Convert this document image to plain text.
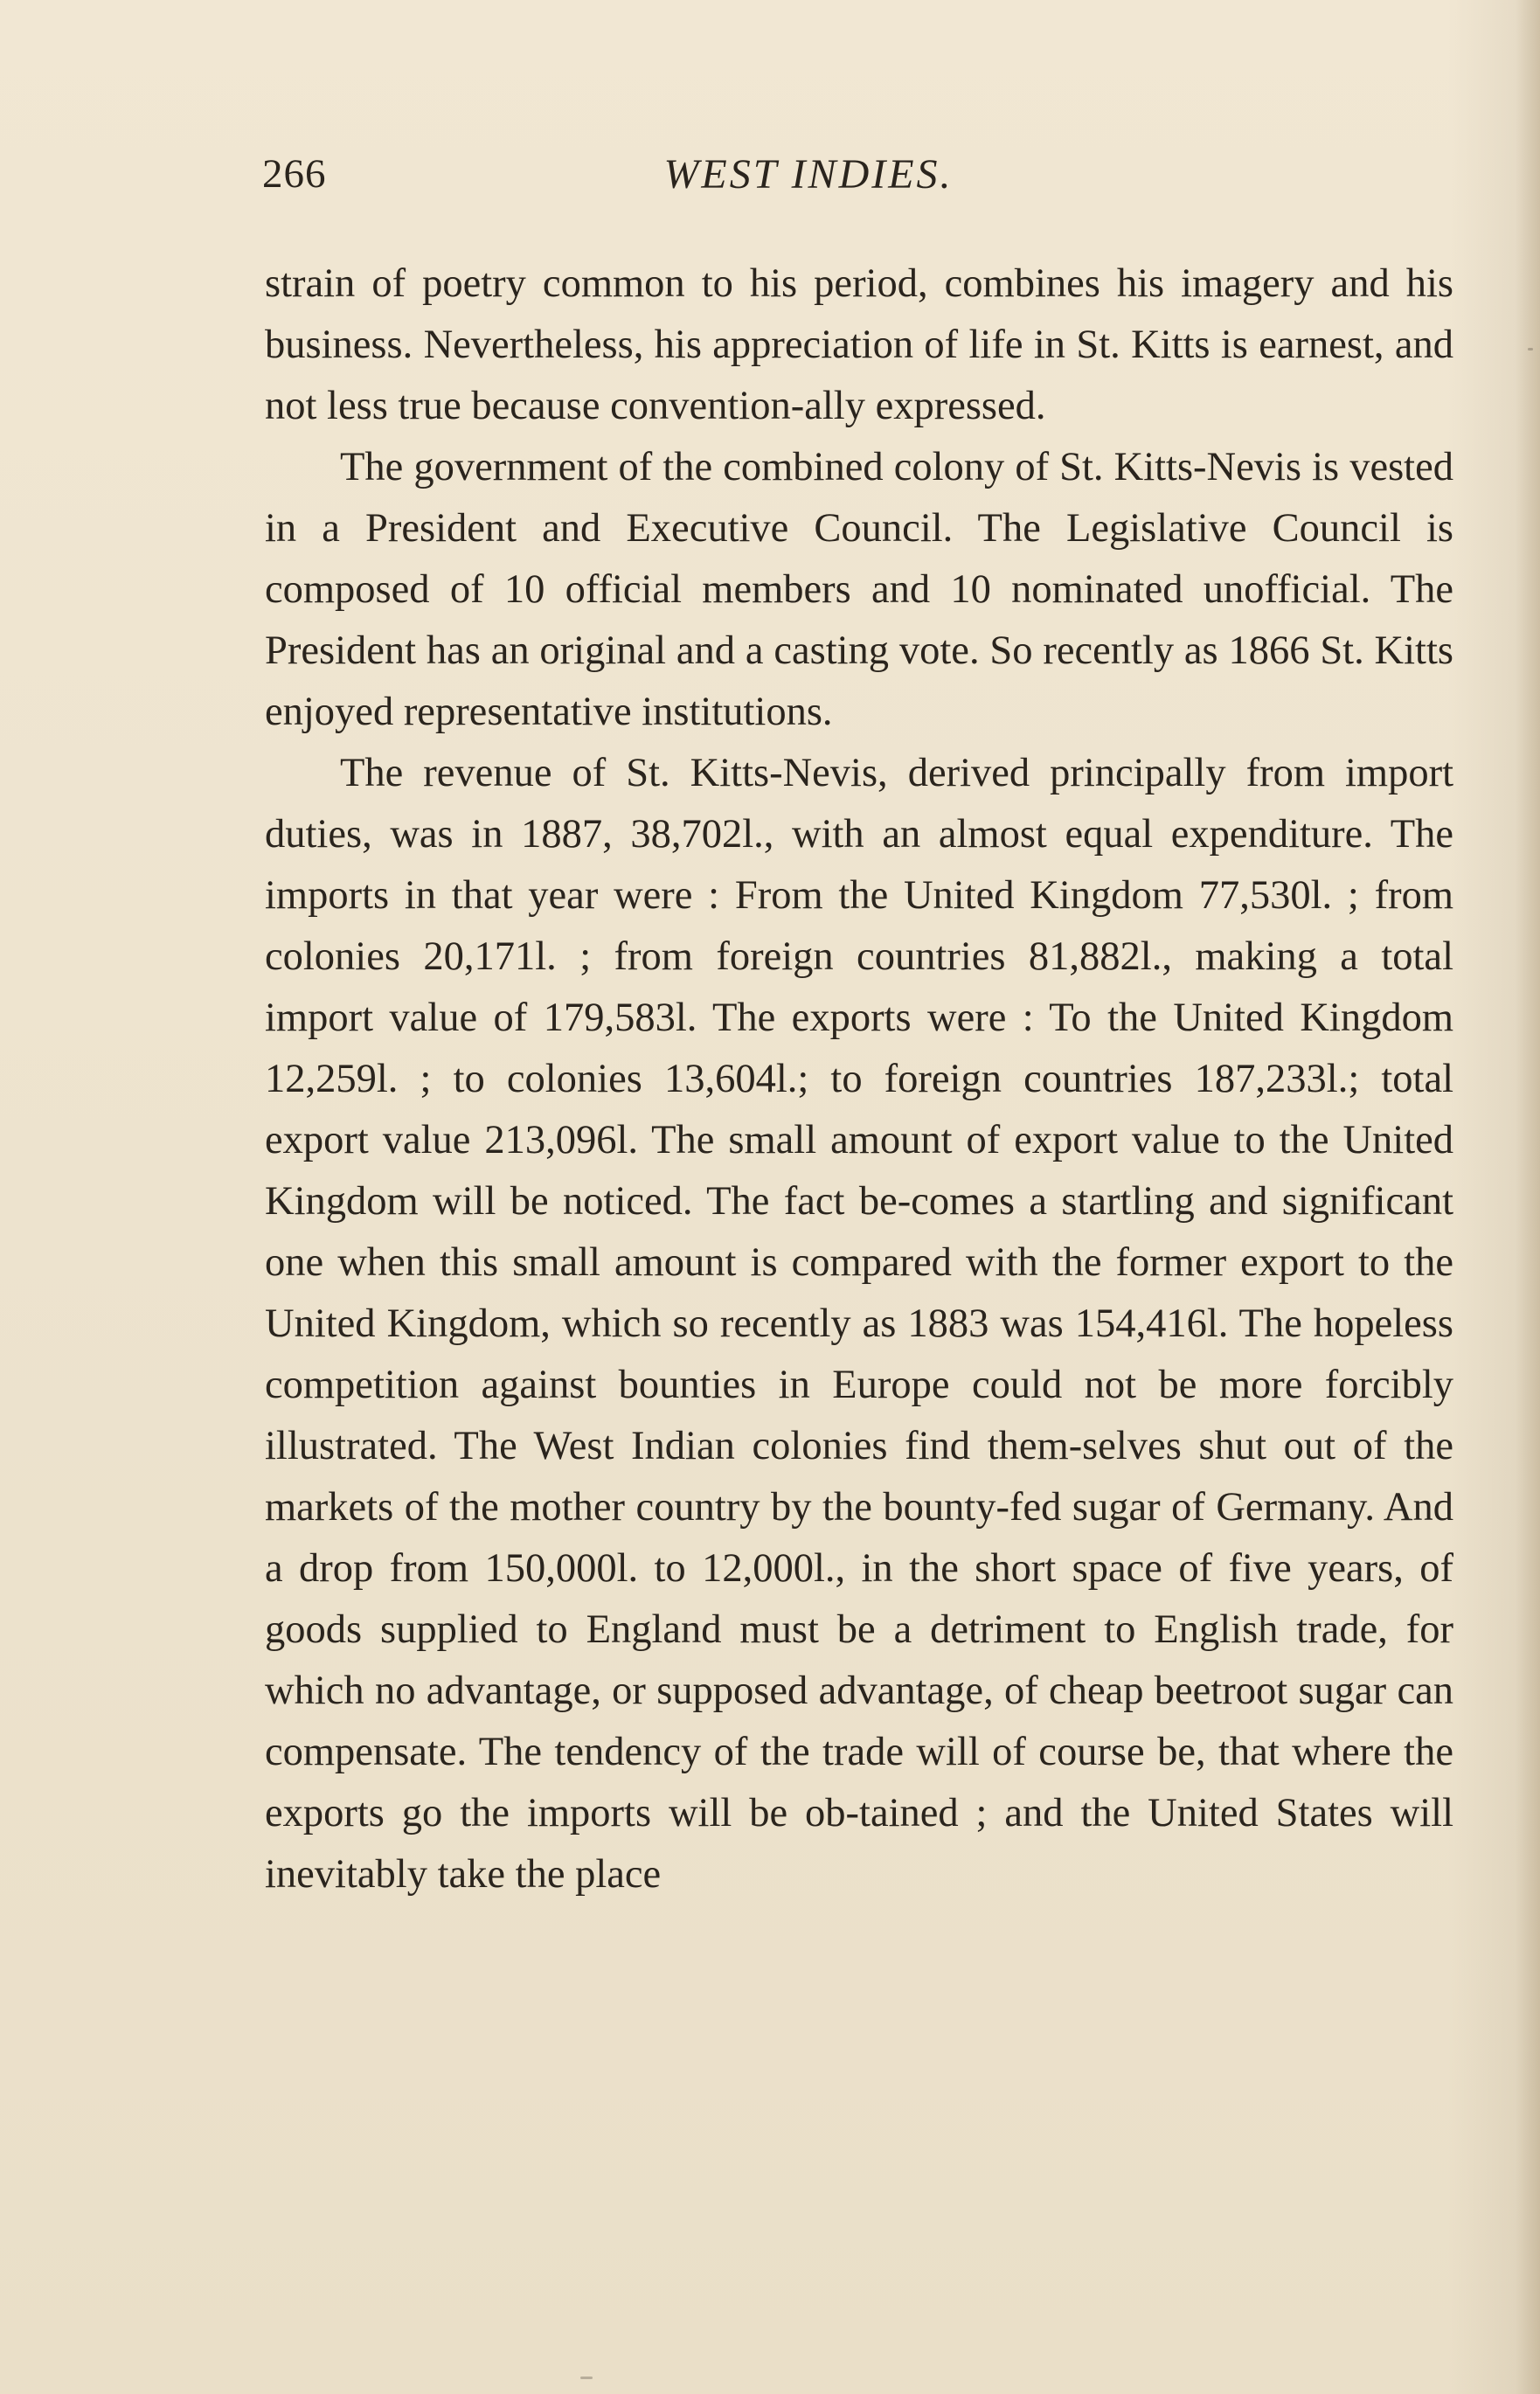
266	WEST INDIES.

strain of poetry common to his period, combines his imagery and his business. Nevertheless, his appreciation of life in St. Kitts is earnest, and not less true because convention-ally expressed.

The government of the combined colony of St. Kitts-Nevis is vested in a President and Executive Council. The Legislative Council is composed of 10 official members and 10 nominated unofficial. The President has an original and a casting vote. So recently as 1866 St. Kitts enjoyed representative institutions.

The revenue of St. Kitts-Nevis, derived principally from import duties, was in 1887, 38,702l., with an almost equal expenditure. The imports in that year were : From the United Kingdom 77,530l. ; from colonies 20,171l. ; from foreign countries 81,882l., making a total import value of 179,583l. The exports were : To the United Kingdom 12,259l. ; to colonies 13,604l.; to foreign countries 187,233l.; total export value 213,096l. The small amount of export value to the United Kingdom will be noticed. The fact be-comes a startling and significant one when this small amount is compared with the former export to the United Kingdom, which so recently as 1883 was 154,416l. The hopeless competition against bounties in Europe could not be more forcibly illustrated. The West Indian colonies find them-selves shut out of the markets of the mother country by the bounty-fed sugar of Germany. And a drop from 150,000l. to 12,000l., in the short space of five years, of goods supplied to England must be a detriment to English trade, for which no advantage, or supposed advantage, of cheap beetroot sugar can compensate. The tendency of the trade will of course be, that where the exports go the imports will be ob-tained ; and the United States will inevitably take the place
